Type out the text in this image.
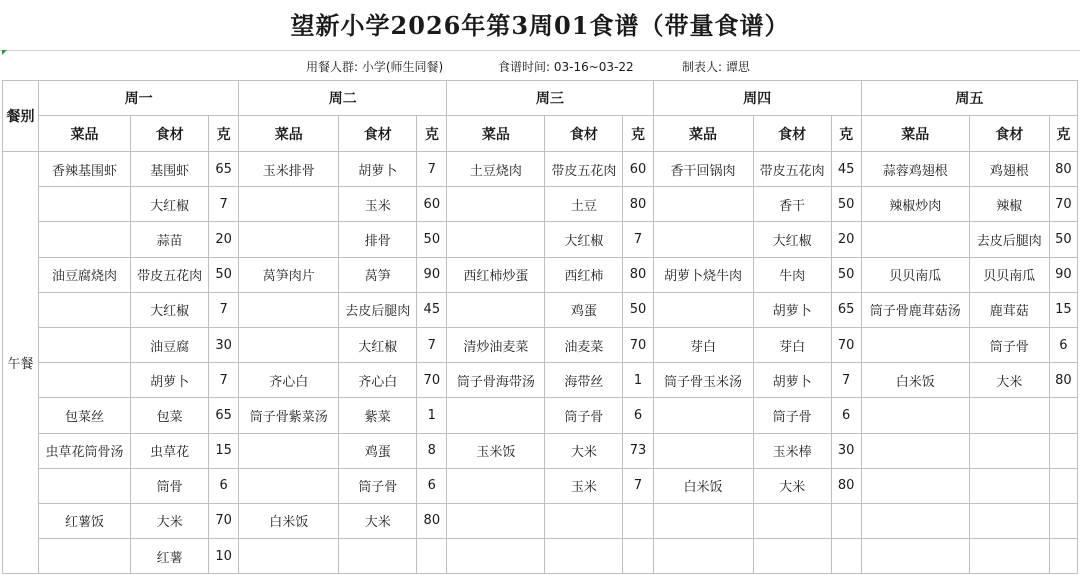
望新小学2026年第3周01食谱（带量食谱）
用餐人群: 小学(师生同餐)	食谱时间: 03-16~03-22	制表人: 谭思
餐别	周一			周二			周三			周四			周五		
	菜品	食材	克	菜品	食材	克	菜品	食材	克	菜品	食材	克	菜品	食材	克
午餐	香辣基围虾	基围虾	65	玉米排骨	胡萝卜	7	土豆烧肉	带皮五花肉	60	香干回锅肉	带皮五花肉	45	蒜蓉鸡翅根	鸡翅根	80
		大红椒	7		玉米	60		土豆	80		香干	50	辣椒炒肉	辣椒	70
		蒜苗	20		排骨	50		大红椒	7		大红椒	20		去皮后腿肉	50
	油豆腐烧肉	带皮五花肉	50	莴笋肉片	莴笋	90	西红柿炒蛋	西红柿	80	胡萝卜烧牛肉	牛肉	50	贝贝南瓜	贝贝南瓜	90
		大红椒	7		去皮后腿肉	45		鸡蛋	50		胡萝卜	65	筒子骨鹿茸菇汤	鹿茸菇	15
		油豆腐	30		大红椒	7	清炒油麦菜	油麦菜	70	芽白	芽白	70		筒子骨	6
		胡萝卜	7	齐心白	齐心白	70	筒子骨海带汤	海带丝	1	筒子骨玉米汤	胡萝卜	7	白米饭	大米	80
	包菜丝	包菜	65	筒子骨紫菜汤	紫菜	1		筒子骨	6		筒子骨	6			
	虫草花筒骨汤	虫草花	15		鸡蛋	8	玉米饭	大米	73		玉米棒	30			
		筒骨	6		筒子骨	6		玉米	7	白米饭	大米	80			
	红薯饭	大米	70	白米饭	大米	80									
		红薯	10												
